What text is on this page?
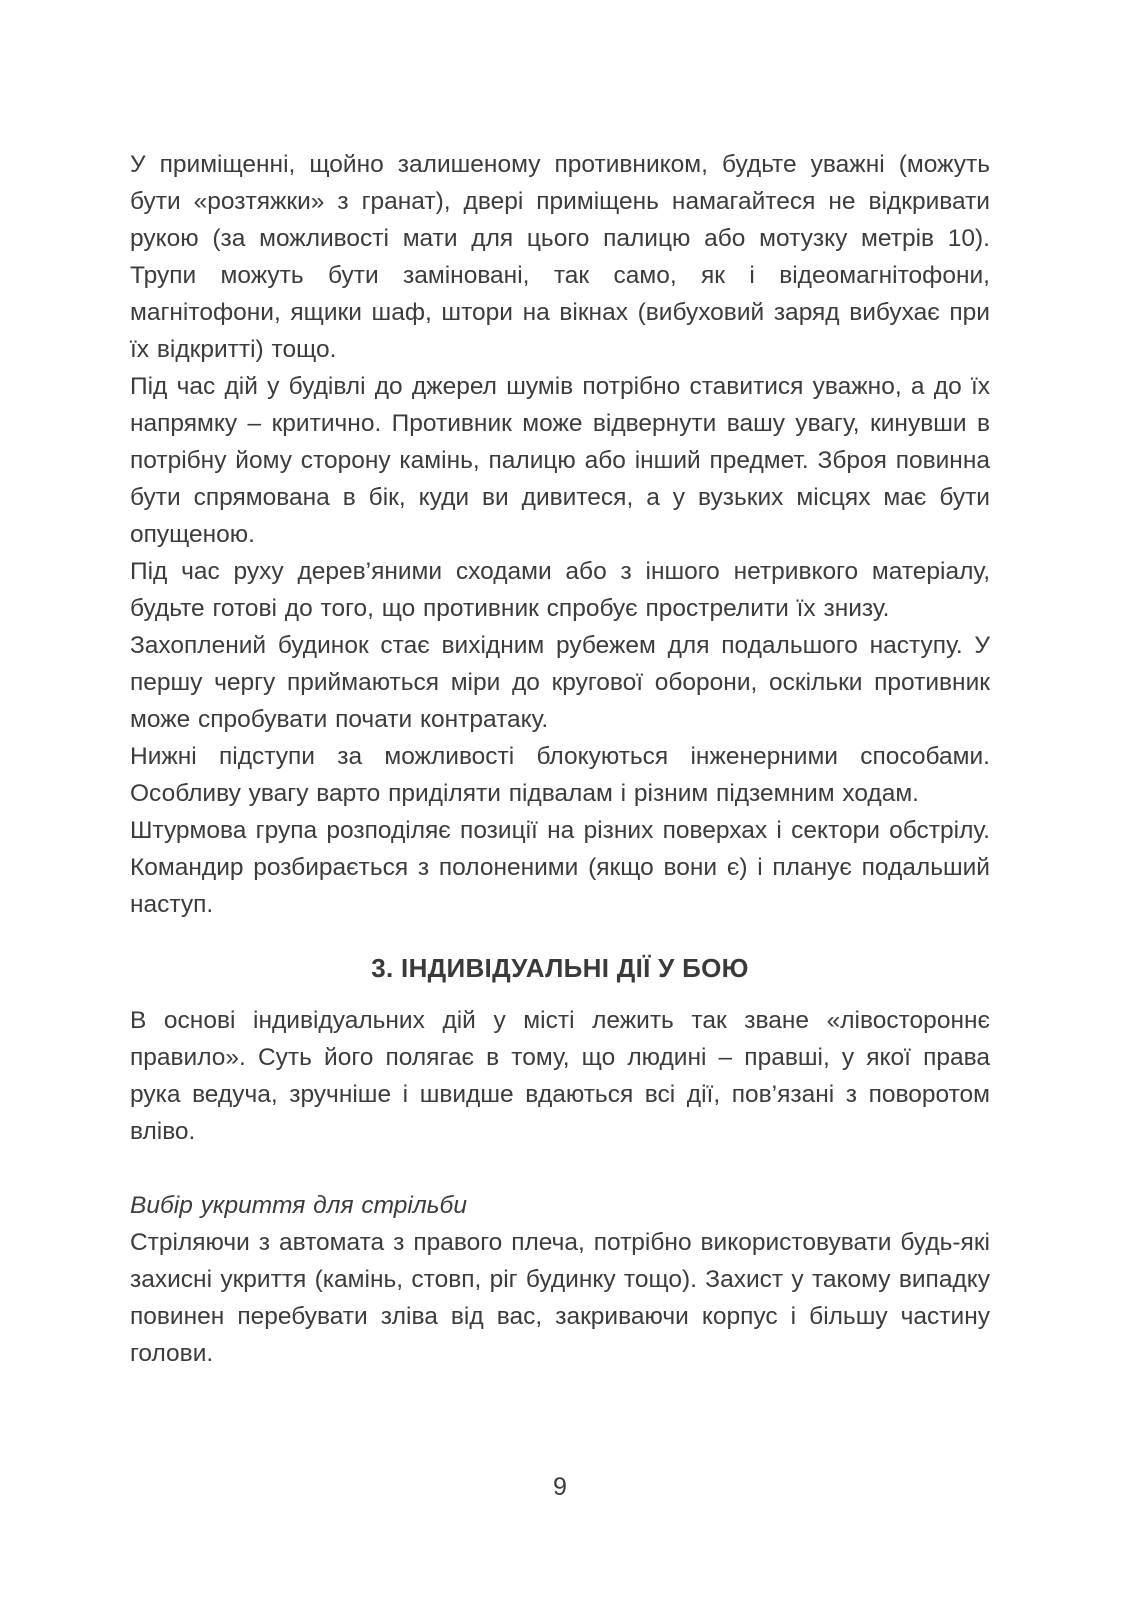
У приміщенні, щойно залишеному противником, будьте уважні (можуть бути «розтяжки» з гранат), двері приміщень намагайтеся не відкривати рукою (за можливості мати для цього палицю або мотузку метрів 10). Трупи можуть бути заміновані, так само, як і відеомагнітофони, магнітофони, ящики шаф, штори на вікнах (вибуховий заряд вибухає при їх відкритті) тощо.

Під час дій у будівлі до джерел шумів потрібно ставитися уважно, а до їх напрямку – критично. Противник може відвернути вашу увагу, кинувши в потрібну йому сторону камінь, палицю або інший предмет. Зброя повинна бути спрямована в бік, куди ви дивитеся, а у вузьких місцях має бути опущеною.

Під час руху дерев’яними сходами або з іншого нетривкого матеріалу, будьте готові до того, що противник спробує прострелити їх знизу.

Захоплений будинок стає вихідним рубежем для подальшого наступу. У першу чергу приймаються міри до кругової оборони, оскільки противник може спробувати почати контратаку.

Нижні підступи за можливості блокуються інженерними способами. Особливу увагу варто приділяти підвалам і різним підземним ходам.

Штурмова група розподіляє позиції на різних поверхах і сектори обстрілу. Командир розбирається з полоненими (якщо вони є) і планує подальший наступ.

3. ІНДИВІДУАЛЬНІ ДІЇ У БОЮ

В основі індивідуальних дій у місті лежить так зване «лівостороннє правило». Суть його полягає в тому, що людині – правші, у якої права рука ведуча, зручніше і швидше вдаються всі дії, пов’язані з поворотом вліво.

Вибір укриття для стрільби

Стріляючи з автомата з правого плеча, потрібно використовувати будь-які захисні укриття (камінь, стовп, ріг будинку тощо). Захист у такому випадку повинен перебувати зліва від вас, закриваючи корпус і більшу частину голови.

9
